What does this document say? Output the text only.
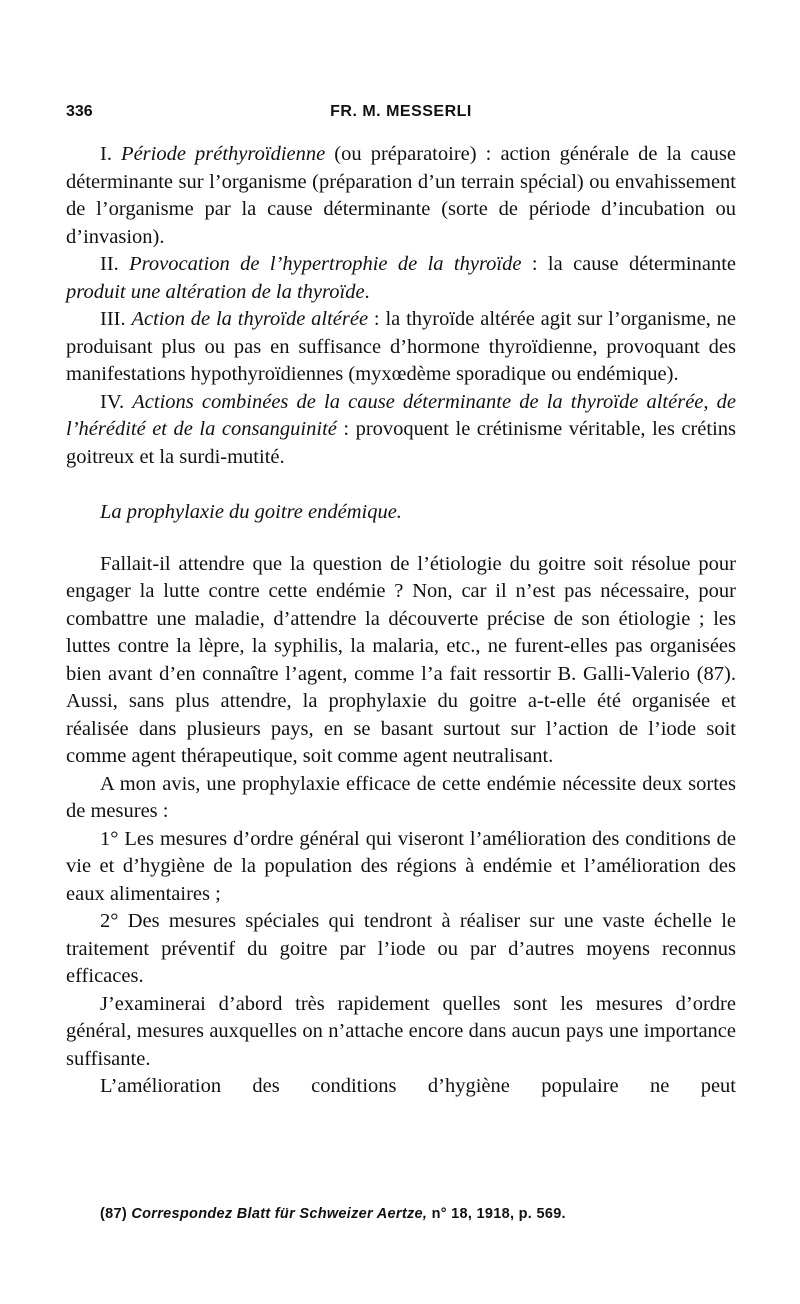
336	FR. M. MESSERLI

I. Période préthyroïdienne (ou préparatoire) : action générale de la cause déterminante sur l’organisme (préparation d’un terrain spécial) ou envahissement de l’organisme par la cause déterminante (sorte de période d’incubation ou d’invasion).

II. Provocation de l’hypertrophie de la thyroïde : la cause déterminante produit une altération de la thyroïde.

III. Action de la thyroïde altérée : la thyroïde altérée agit sur l’organisme, ne produisant plus ou pas en suffisance d’hormone thyroïdienne, provoquant des manifestations hypothyroïdiennes (myxœdème sporadique ou endémique).

IV. Actions combinées de la cause déterminante de la thyroïde altérée, de l’hérédité et de la consanguinité : provoquent le crétinisme véritable, les crétins goitreux et la surdi-mutité.

La prophylaxie du goitre endémique.

Fallait-il attendre que la question de l’étiologie du goitre soit résolue pour engager la lutte contre cette endémie ? Non, car il n’est pas nécessaire, pour combattre une maladie, d’attendre la découverte précise de son étiologie ; les luttes contre la lèpre, la syphilis, la malaria, etc., ne furent-elles pas organisées bien avant d’en connaître l’agent, comme l’a fait ressortir B. Galli-Valerio (87). Aussi, sans plus attendre, la prophylaxie du goitre a-t-elle été organisée et réalisée dans plusieurs pays, en se basant surtout sur l’action de l’iode soit comme agent thérapeutique, soit comme agent neutralisant.

A mon avis, une prophylaxie efficace de cette endémie nécessite deux sortes de mesures :

1° Les mesures d’ordre général qui viseront l’amélioration des conditions de vie et d’hygiène de la population des régions à endémie et l’amélioration des eaux alimentaires ;

2° Des mesures spéciales qui tendront à réaliser sur une vaste échelle le traitement préventif du goitre par l’iode ou par d’autres moyens reconnus efficaces.

J’examinerai d’abord très rapidement quelles sont les mesures d’ordre général, mesures auxquelles on n’attache encore dans aucun pays une importance suffisante.

L’amélioration des conditions d’hygiène populaire ne peut

(87) Correspondez Blatt für Schweizer Aertze, n° 18, 1918, p. 569.
